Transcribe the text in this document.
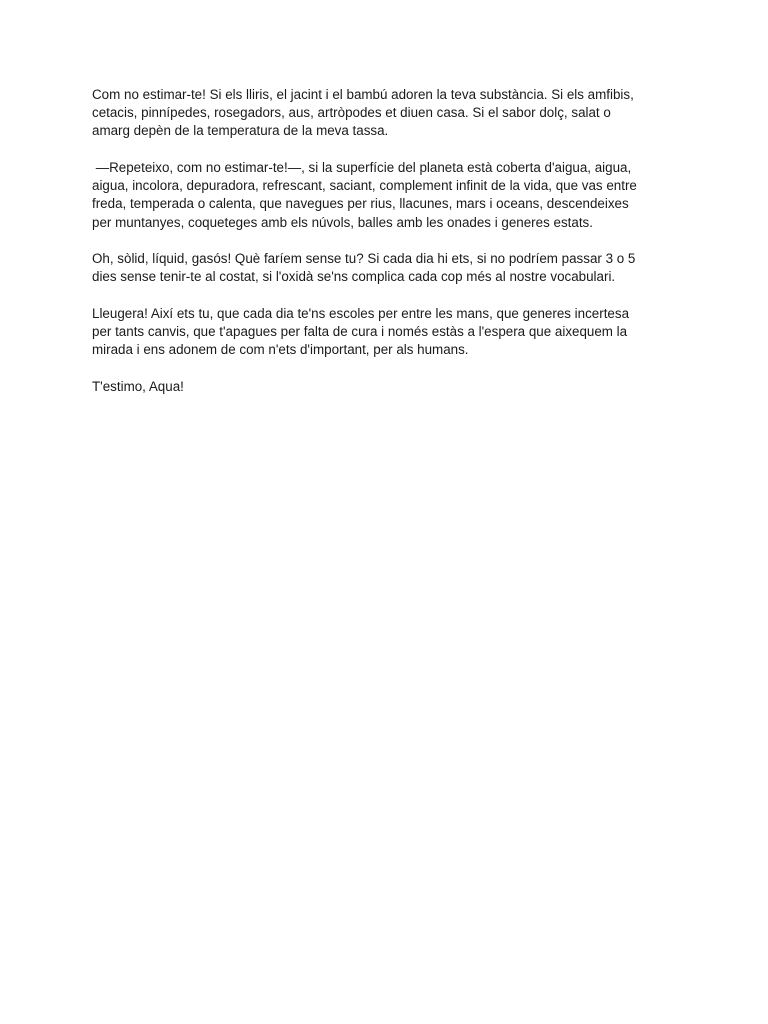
Com no estimar-te! Si els lliris, el jacint i el bambú adoren la teva substància. Si els amfibis,
cetacis, pinnípedes, rosegadors, aus, artròpodes et diuen casa. Si el sabor dolç, salat o
amarg depèn de la temperatura de la meva tassa.

—Repeteixo, com no estimar-te!—, si la superfície del planeta està coberta d'aigua, aigua,
aigua, incolora, depuradora, refrescant, saciant, complement infinit de la vida, que vas entre
freda, temperada o calenta, que navegues per rius, llacunes, mars i oceans, descendeixes
per muntanyes, coqueteges amb els núvols, balles amb les onades i generes estats.

Oh, sòlid, líquid, gasós! Què faríem sense tu? Si cada dia hi ets, si no podríem passar 3 o 5
dies sense tenir-te al costat, si l'oxidà se'ns complica cada cop més al nostre vocabulari.

Lleugera! Així ets tu, que cada dia te'ns escoles per entre les mans, que generes incertesa
per tants canvis, que t'apagues per falta de cura i només estàs a l'espera que aixequem la
mirada i ens adonem de com n'ets d'important, per als humans.

T'estimo, Aqua!
